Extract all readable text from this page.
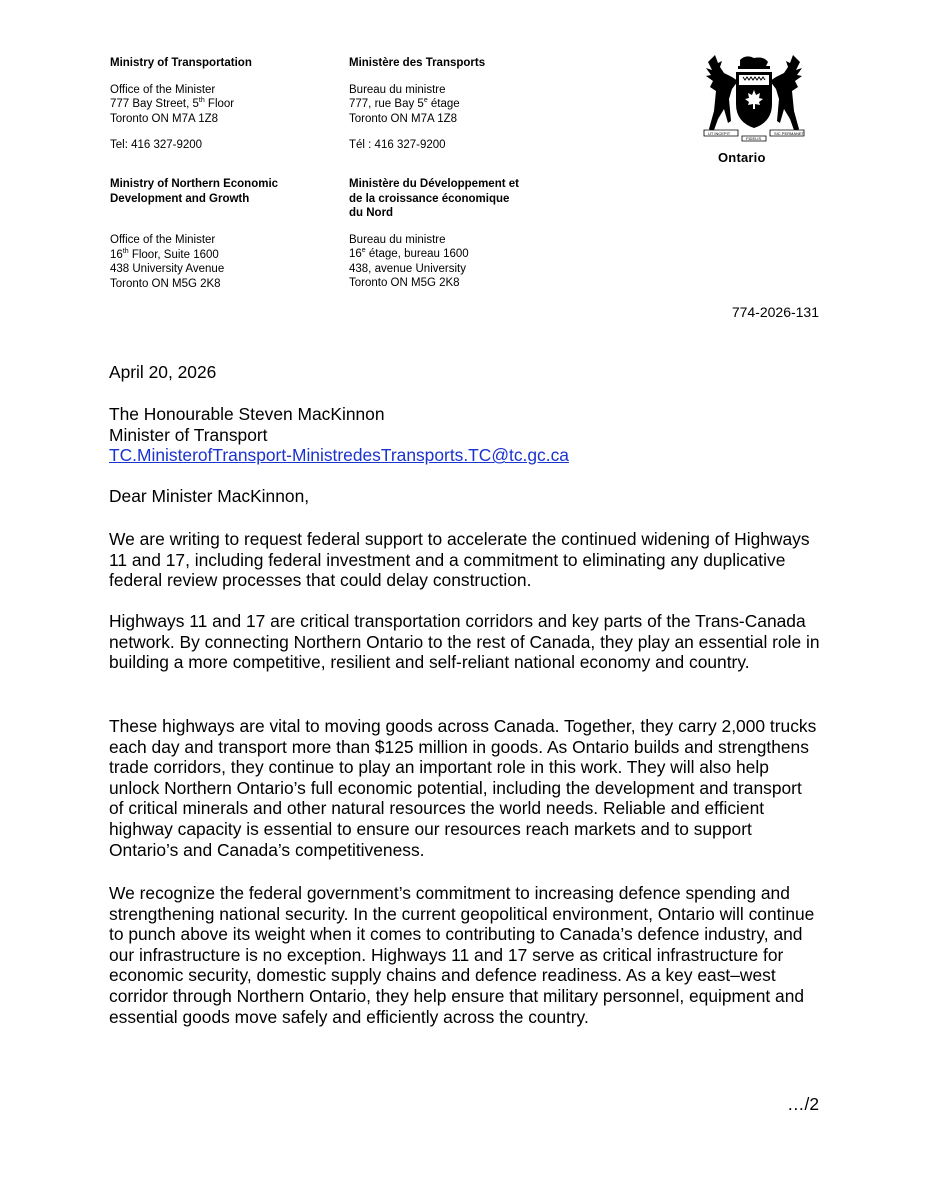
Ministry of Transportation
Office of the Minister
777 Bay Street, 5th Floor
Toronto ON M7A 1Z8
Tel: 416 327-9200
Ministère des Transports
Bureau du ministre
777, rue Bay 5e étage
Toronto ON M7A 1Z8
Tél : 416 327-9200
Ministry of Northern Economic
Development and Growth
Office of the Minister
16th Floor, Suite 1600
438 University Avenue
Toronto ON M5G 2K8
Ministère du Développement et
de la croissance économique
du Nord
Bureau du ministre
16e étage, bureau 1600
438, avenue University
Toronto ON M5G 2K8
UT INCEPIT	SIC PERMANET
FIDELIS
Ontario
774-2026-131
April 20, 2026
The Honourable Steven MacKinnon
Minister of Transport
TC.MinisterofTransport-MinistredesTransports.TC@tc.gc.ca
Dear Minister MacKinnon,

We are writing to request federal support to accelerate the continued widening of Highways 11 and 17, including federal investment and a commitment to eliminating any duplicative federal review processes that could delay construction.

Highways 11 and 17 are critical transportation corridors and key parts of the Trans-Canada network. By connecting Northern Ontario to the rest of Canada, they play an essential role in building a more competitive, resilient and self-reliant national economy and country.

These highways are vital to moving goods across Canada. Together, they carry 2,000 trucks each day and transport more than $125 million in goods. As Ontario builds and strengthens trade corridors, they continue to play an important role in this work. They will also help unlock Northern Ontario’s full economic potential, including the development and transport of critical minerals and other natural resources the world needs. Reliable and efficient highway capacity is essential to ensure our resources reach markets and to support Ontario’s and Canada’s competitiveness.

We recognize the federal government’s commitment to increasing defence spending and strengthening national security. In the current geopolitical environment, Ontario will continue to punch above its weight when it comes to contributing to Canada’s defence industry, and our infrastructure is no exception. Highways 11 and 17 serve as critical infrastructure for economic security, domestic supply chains and defence readiness. As a key east–west corridor through Northern Ontario, they help ensure that military personnel, equipment and essential goods move safely and efficiently across the country.

…/2
